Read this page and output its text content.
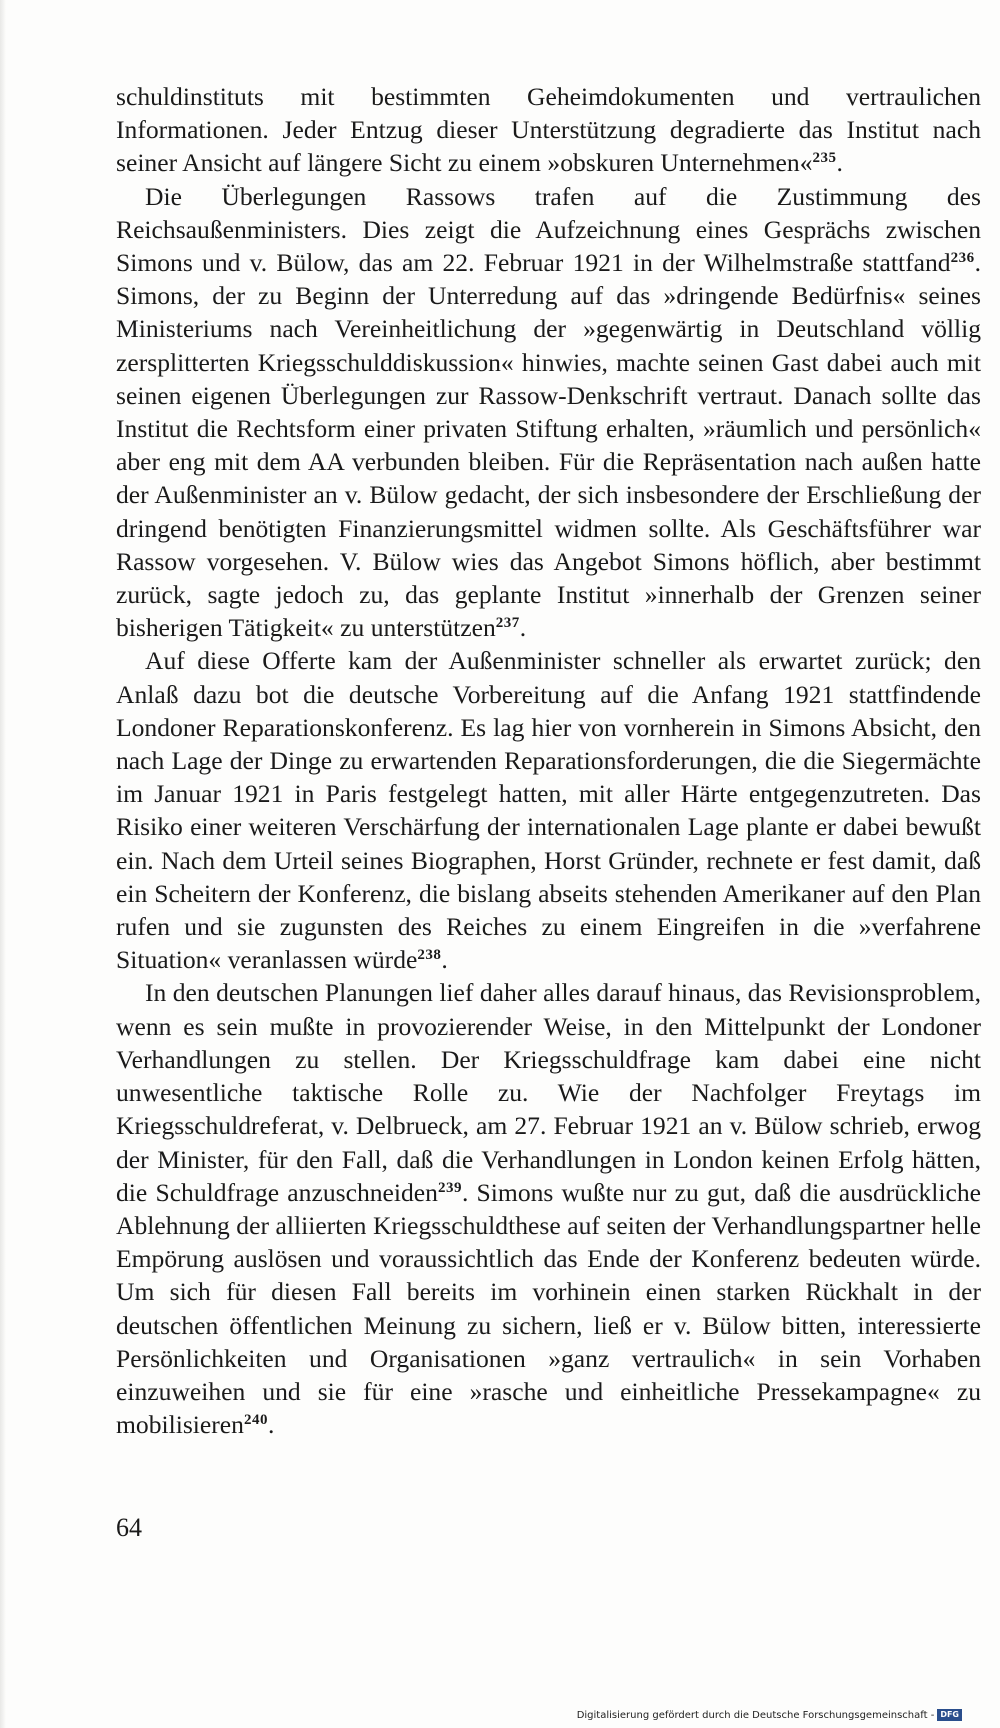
schuldinstituts mit bestimmten Geheimdokumenten und vertraulichen Informationen. Jeder Entzug dieser Unterstützung degradierte das Institut nach seiner Ansicht auf längere Sicht zu einem »obskuren Unternehmen«$^{235}$.

Die Überlegungen Rassows trafen auf die Zustimmung des Reichsaußenministers. Dies zeigt die Aufzeichnung eines Gesprächs zwischen Simons und v. Bülow, das am 22. Februar 1921 in der Wilhelmstraße stattfand$^{236}$. Simons, der zu Beginn der Unterredung auf das »dringende Bedürfnis« seines Ministeriums nach Vereinheitlichung der »gegenwärtig in Deutschland völlig zersplitterten Kriegsschulddiskussion« hinwies, machte seinen Gast dabei auch mit seinen eigenen Überlegungen zur Rassow-Denkschrift vertraut. Danach sollte das Institut die Rechtsform einer privaten Stiftung erhalten, »räumlich und persönlich« aber eng mit dem AA verbunden bleiben. Für die Repräsentation nach außen hatte der Außenminister an v. Bülow gedacht, der sich insbesondere der Erschließung der dringend benötigten Finanzierungsmittel widmen sollte. Als Geschäftsführer war Rassow vorgesehen. V. Bülow wies das Angebot Simons höflich, aber bestimmt zurück, sagte jedoch zu, das geplante Institut »innerhalb der Grenzen seiner bisherigen Tätigkeit« zu unterstützen$^{237}$.

Auf diese Offerte kam der Außenminister schneller als erwartet zurück; den Anlaß dazu bot die deutsche Vorbereitung auf die Anfang 1921 stattfindende Londoner Reparationskonferenz. Es lag hier von vornherein in Simons Absicht, den nach Lage der Dinge zu erwartenden Reparationsforderungen, die die Siegermächte im Januar 1921 in Paris festgelegt hatten, mit aller Härte entgegenzutreten. Das Risiko einer weiteren Verschärfung der internationalen Lage plante er dabei bewußt ein. Nach dem Urteil seines Biographen, Horst Gründer, rechnete er fest damit, daß ein Scheitern der Konferenz, die bislang abseits stehenden Amerikaner auf den Plan rufen und sie zugunsten des Reiches zu einem Eingreifen in die »verfahrene Situation« veranlassen würde$^{238}$.

In den deutschen Planungen lief daher alles darauf hinaus, das Revisionsproblem, wenn es sein mußte in provozierender Weise, in den Mittelpunkt der Londoner Verhandlungen zu stellen. Der Kriegsschuldfrage kam dabei eine nicht unwesentliche taktische Rolle zu. Wie der Nachfolger Freytags im Kriegsschuldreferat, v. Delbrueck, am 27. Februar 1921 an v. Bülow schrieb, erwog der Minister, für den Fall, daß die Verhandlungen in London keinen Erfolg hätten, die Schuldfrage anzuschneiden$^{239}$. Simons wußte nur zu gut, daß die ausdrückliche Ablehnung der alliierten Kriegsschuldthese auf seiten der Verhandlungspartner helle Empörung auslösen und voraussichtlich das Ende der Konferenz bedeuten würde. Um sich für diesen Fall bereits im vorhinein einen starken Rückhalt in der deutschen öffentlichen Meinung zu sichern, ließ er v. Bülow bitten, interessierte Persönlichkeiten und Organisationen »ganz vertraulich« in sein Vorhaben einzuweihen und sie für eine »rasche und einheitliche Pressekampagne« zu mobilisieren$^{240}$.

64
Digitalisierung gefördert durch die Deutsche Forschungsgemeinschaft - DFG
